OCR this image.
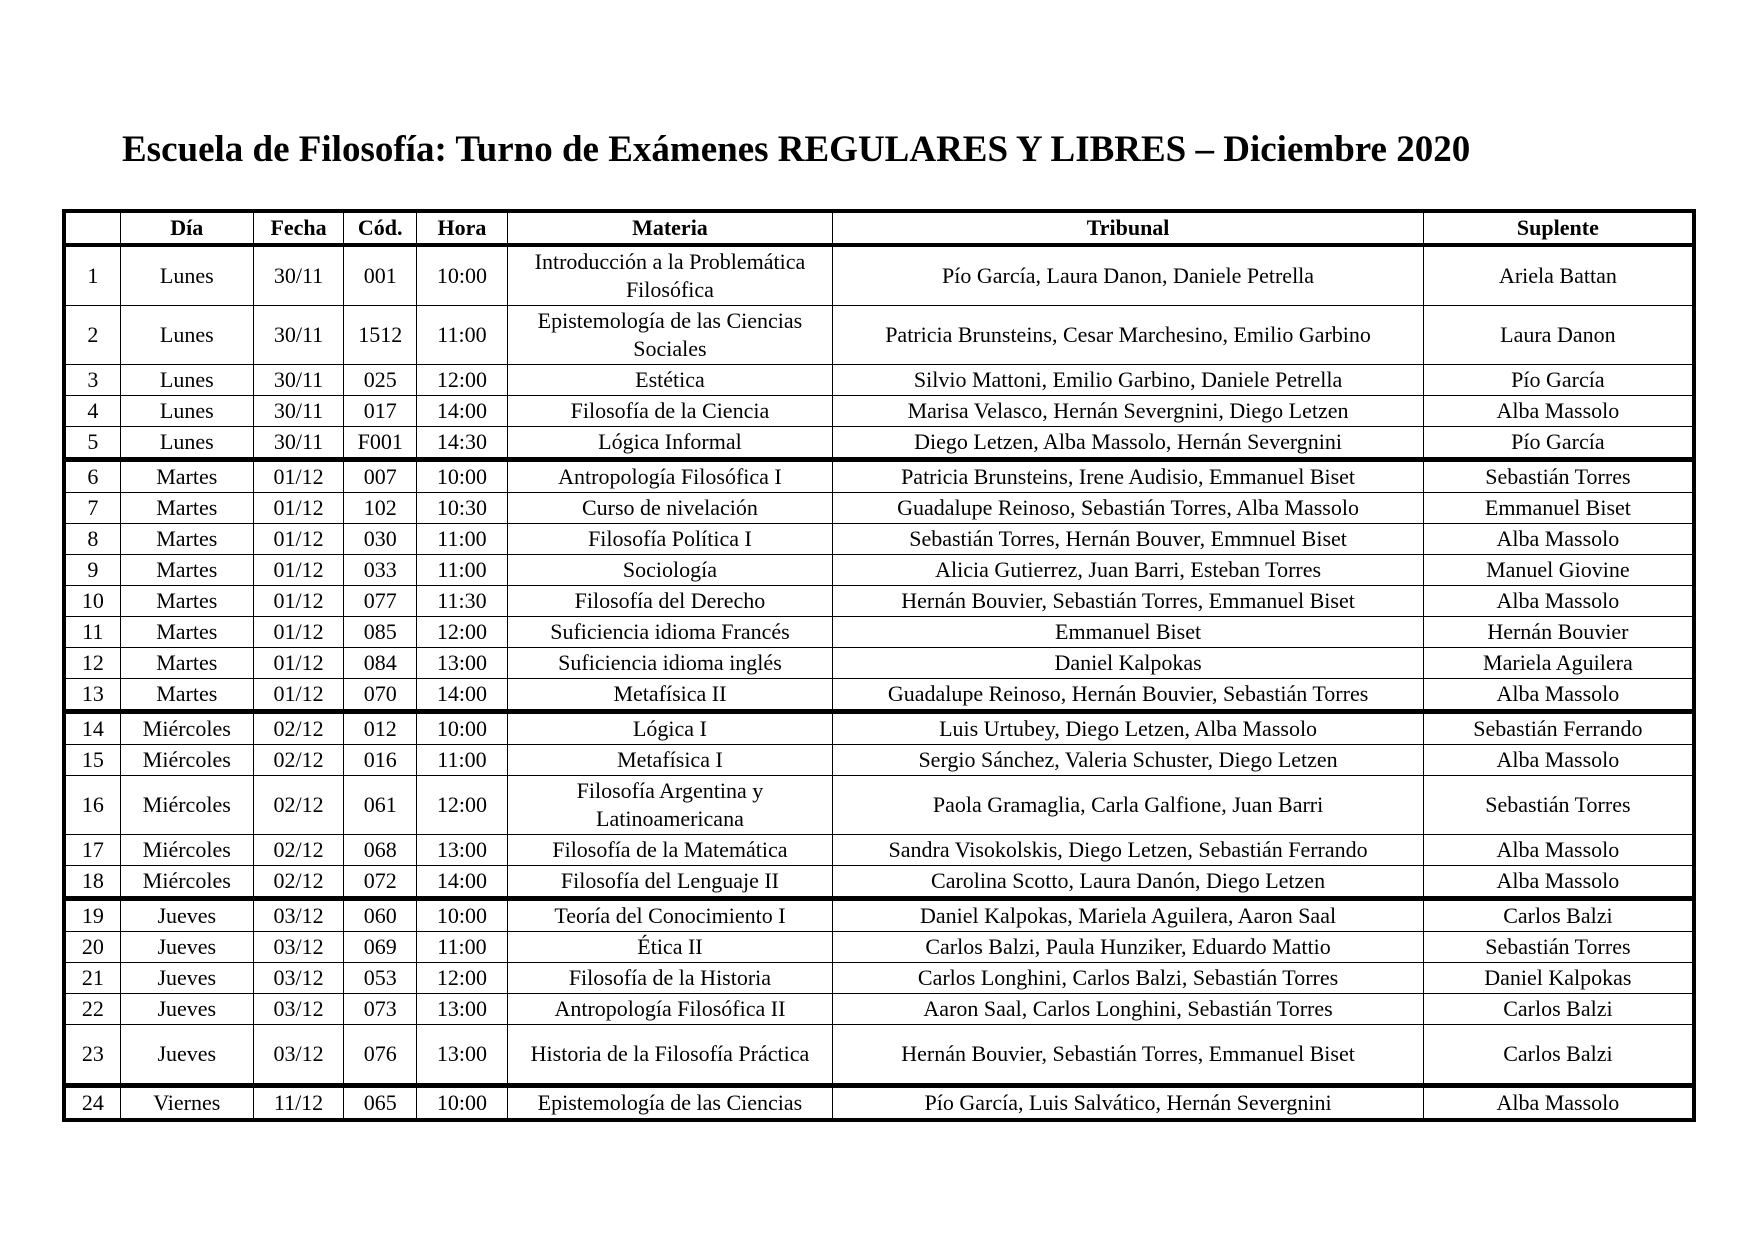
Escuela de Filosofía: Turno de Exámenes REGULARES Y LIBRES – Diciembre 2020
	Día	Fecha	Cód.	Hora	Materia	Tribunal	Suplente
1	Lunes	30/11	001	10:00	Introducción a la Problemática Filosófica	Pío García, Laura Danon, Daniele Petrella	Ariela Battan
2	Lunes	30/11	1512	11:00	Epistemología de las Ciencias Sociales	Patricia Brunsteins, Cesar Marchesino, Emilio Garbino	Laura Danon
3	Lunes	30/11	025	12:00	Estética	Silvio Mattoni, Emilio Garbino, Daniele Petrella	Pío García
4	Lunes	30/11	017	14:00	Filosofía de la Ciencia	Marisa Velasco, Hernán Severgnini, Diego Letzen	Alba Massolo
5	Lunes	30/11	F001	14:30	Lógica Informal	Diego Letzen, Alba Massolo, Hernán Severgnini	Pío García
6	Martes	01/12	007	10:00	Antropología Filosófica I	Patricia Brunsteins, Irene Audisio, Emmanuel Biset	Sebastián Torres
7	Martes	01/12	102	10:30	Curso de nivelación	Guadalupe Reinoso, Sebastián Torres, Alba Massolo	Emmanuel Biset
8	Martes	01/12	030	11:00	Filosofía Política I	Sebastián Torres, Hernán Bouver, Emmnuel Biset	Alba Massolo
9	Martes	01/12	033	11:00	Sociología	Alicia Gutierrez, Juan Barri, Esteban Torres	Manuel Giovine
10	Martes	01/12	077	11:30	Filosofía del Derecho	Hernán Bouvier, Sebastián Torres, Emmanuel Biset	Alba Massolo
11	Martes	01/12	085	12:00	Suficiencia idioma Francés	Emmanuel Biset	Hernán Bouvier
12	Martes	01/12	084	13:00	Suficiencia idioma inglés	Daniel Kalpokas	Mariela Aguilera
13	Martes	01/12	070	14:00	Metafísica II	Guadalupe Reinoso, Hernán Bouvier, Sebastián Torres	Alba Massolo
14	Miércoles	02/12	012	10:00	Lógica I	Luis Urtubey, Diego Letzen, Alba Massolo	Sebastián Ferrando
15	Miércoles	02/12	016	11:00	Metafísica I	Sergio Sánchez, Valeria Schuster, Diego Letzen	Alba Massolo
16	Miércoles	02/12	061	12:00	Filosofía Argentina y Latinoamericana	Paola Gramaglia, Carla Galfione, Juan Barri	Sebastián Torres
17	Miércoles	02/12	068	13:00	Filosofía de la Matemática	Sandra Visokolskis, Diego Letzen, Sebastián Ferrando	Alba Massolo
18	Miércoles	02/12	072	14:00	Filosofía del Lenguaje II	Carolina Scotto, Laura Danón, Diego Letzen	Alba Massolo
19	Jueves	03/12	060	10:00	Teoría del Conocimiento I	Daniel Kalpokas, Mariela Aguilera, Aaron Saal	Carlos Balzi
20	Jueves	03/12	069	11:00	Ética II	Carlos Balzi, Paula Hunziker, Eduardo Mattio	Sebastián Torres
21	Jueves	03/12	053	12:00	Filosofía de la Historia	Carlos Longhini, Carlos Balzi, Sebastián Torres	Daniel Kalpokas
22	Jueves	03/12	073	13:00	Antropología Filosófica II	Aaron Saal, Carlos Longhini, Sebastián Torres	Carlos Balzi
23	Jueves	03/12	076	13:00	Historia de la Filosofía Práctica	Hernán Bouvier, Sebastián Torres, Emmanuel Biset	Carlos Balzi
24	Viernes	11/12	065	10:00	Epistemología de las Ciencias	Pío García, Luis Salvático, Hernán Severgnini	Alba Massolo
